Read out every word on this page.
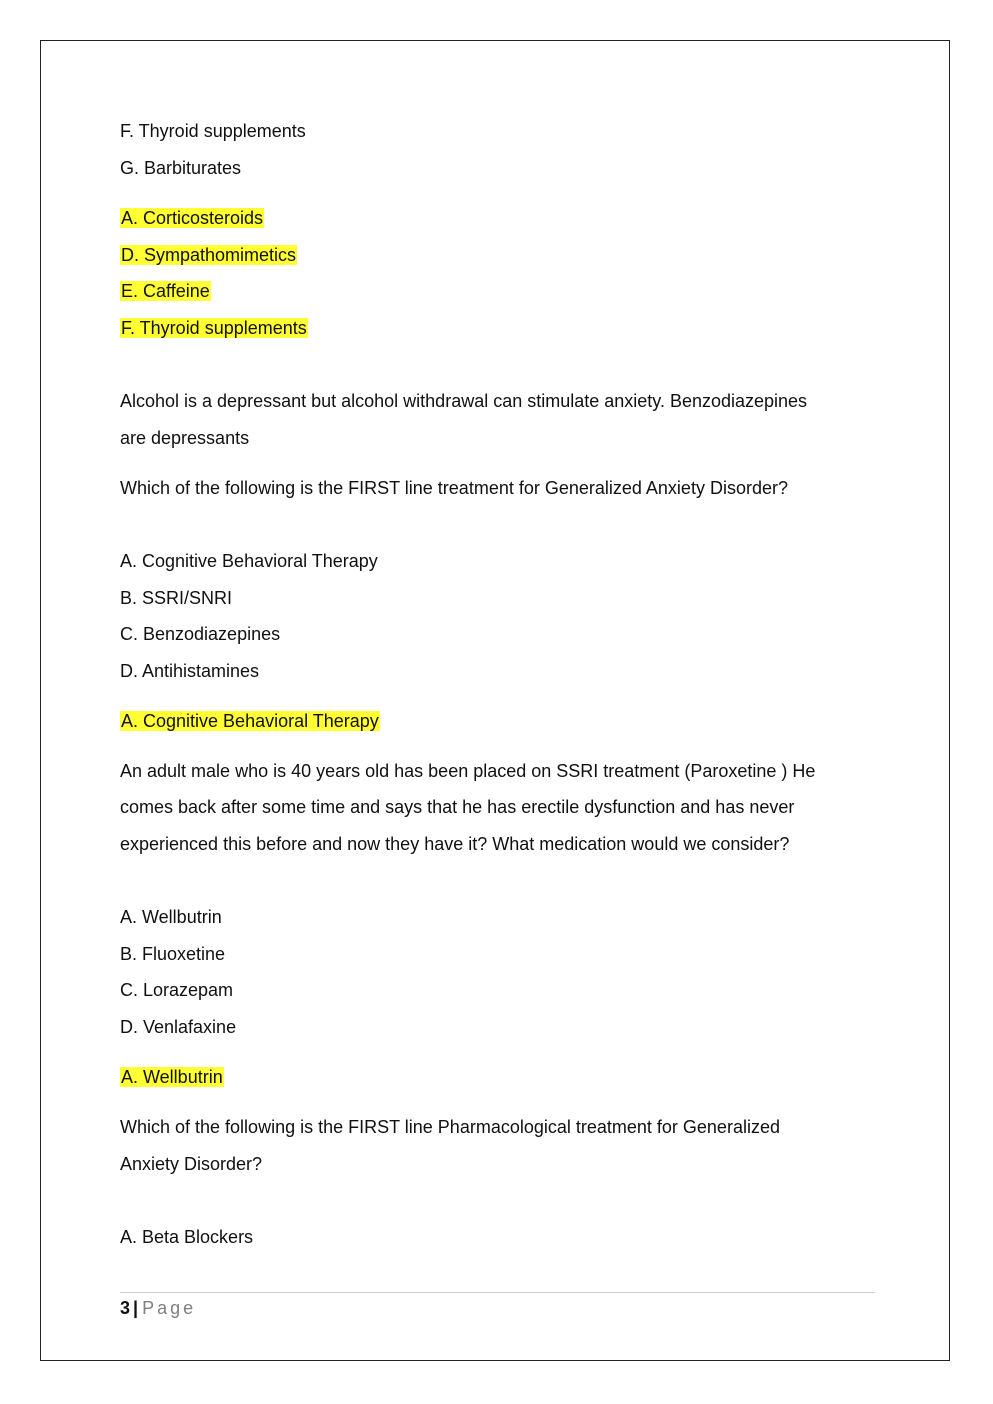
F. Thyroid supplements
G. Barbiturates
A. Corticosteroids
D. Sympathomimetics
E. Caffeine
F. Thyroid supplements
Alcohol is a depressant but alcohol withdrawal can stimulate anxiety. Benzodiazepines
are depressants
Which of the following is the FIRST line treatment for Generalized Anxiety Disorder?
A. Cognitive Behavioral Therapy
B. SSRI/SNRI
C. Benzodiazepines
D. Antihistamines
A. Cognitive Behavioral Therapy
An adult male who is 40 years old has been placed on SSRI treatment (Paroxetine ) He
comes back after some time and says that he has erectile dysfunction and has never
experienced this before and now they have it? What medication would we consider?
A. Wellbutrin
B. Fluoxetine
C. Lorazepam
D. Venlafaxine
A. Wellbutrin
Which of the following is the FIRST line Pharmacological treatment for Generalized
Anxiety Disorder?
A. Beta Blockers
3 | Page
